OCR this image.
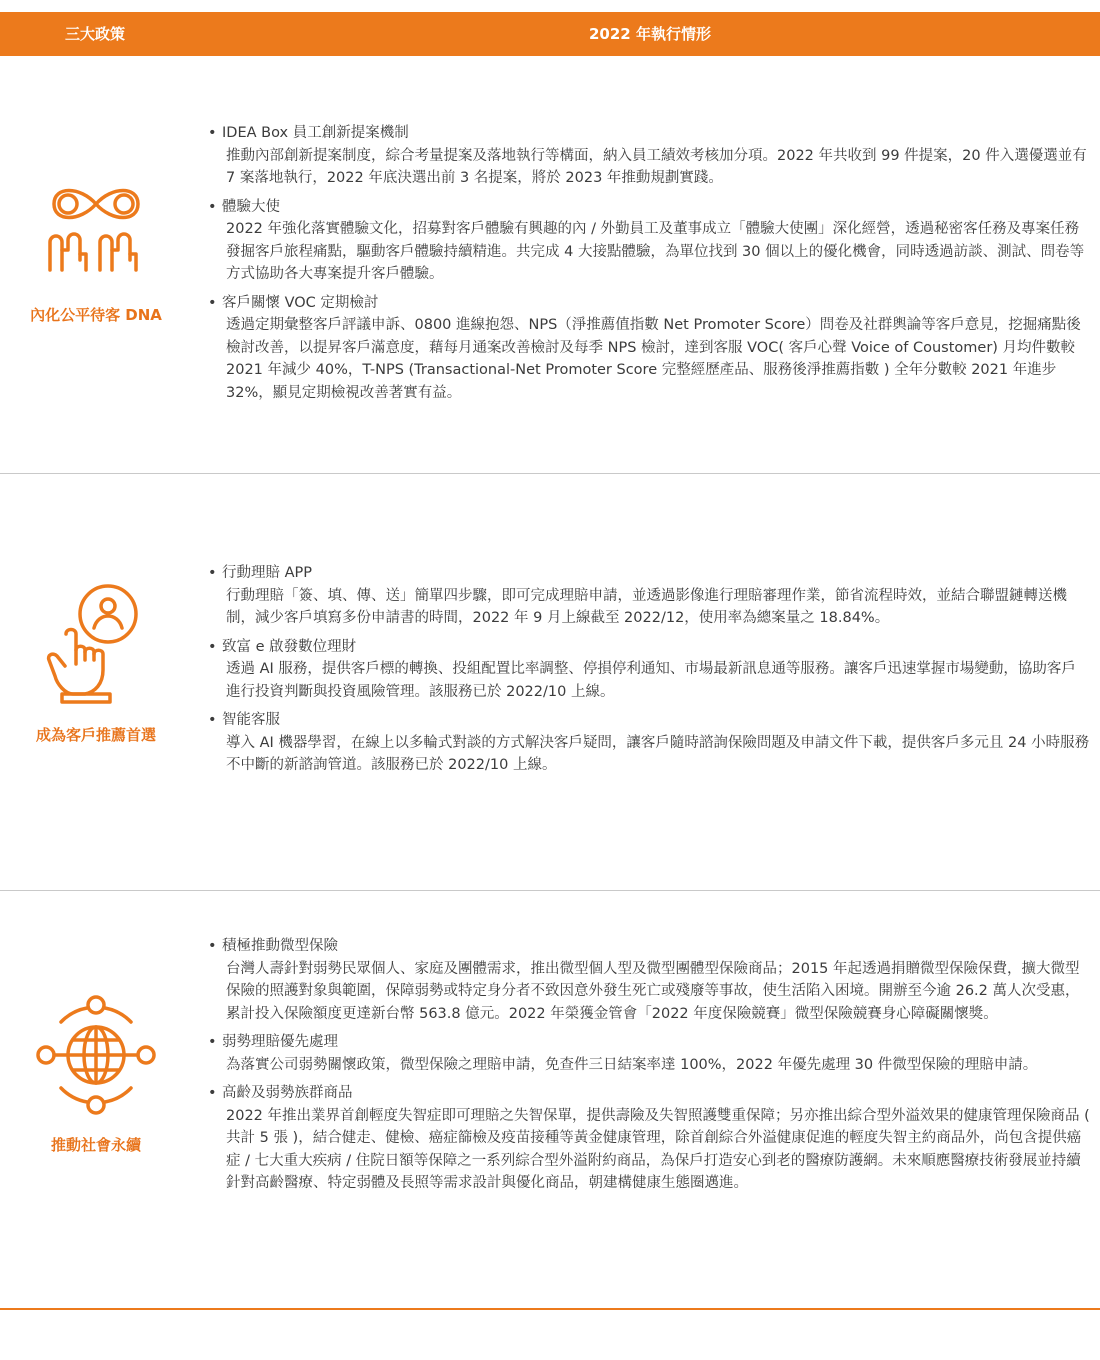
三大政策	2022 年執行情形
內化公平待客 DNA
• IDEA Box 員工創新提案機制
推動內部創新提案制度，綜合考量提案及落地執行等構面，納入員工績效考核加分項。2022 年共收到 99 件提案，20 件入選優選並有 7 案落地執行，2022 年底決選出前 3 名提案，將於 2023 年推動規劃實踐。
• 體驗大使
2022 年強化落實體驗文化，招募對客戶體驗有興趣的內 / 外勤員工及董事成立「體驗大使團」深化經營，透過秘密客任務及專案任務發掘客戶旅程痛點，驅動客戶體驗持續精進。共完成 4 大接點體驗，為單位找到 30 個以上的優化機會，同時透過訪談、測試、問卷等方式協助各大專案提升客戶體驗。
• 客戶關懷 VOC 定期檢討
透過定期彙整客戶評議申訴、0800 進線抱怨、NPS（淨推薦值指數 Net Promoter Score）問卷及社群輿論等客戶意見，挖掘痛點後檢討改善，以提昇客戶滿意度，藉每月通案改善檢討及每季 NPS 檢討，達到客服 VOC( 客戶心聲 Voice of Coustomer) 月均件數較 2021 年減少 40%，T-NPS (Transactional-Net Promoter Score 完整經歷產品、服務後淨推薦指數 ) 全年分數較 2021 年進步 32%，顯見定期檢視改善著實有益。
成為客戶推薦首選
• 行動理賠 APP
行動理賠「簽、填、傳、送」簡單四步驟，即可完成理賠申請，並透過影像進行理賠審理作業，節省流程時效，並結合聯盟鏈轉送機制，減少客戶填寫多份申請書的時間，2022 年 9 月上線截至 2022/12，使用率為總案量之 18.84%。
• 致富 e 啟發數位理財
透過 AI 服務，提供客戶標的轉換、投組配置比率調整、停損停利通知、市場最新訊息通等服務。讓客戶迅速掌握市場變動，協助客戶進行投資判斷與投資風險管理。該服務已於 2022/10 上線。
• 智能客服
導入 AI 機器學習，在線上以多輪式對談的方式解決客戶疑問，讓客戶隨時諮詢保險問題及申請文件下載，提供客戶多元且 24 小時服務不中斷的新諮詢管道。該服務已於 2022/10 上線。
推動社會永續
• 積極推動微型保險
台灣人壽針對弱勢民眾個人、家庭及團體需求，推出微型個人型及微型團體型保險商品；2015 年起透過捐贈微型保險保費，擴大微型保險的照護對象與範圍，保障弱勢或特定身分者不致因意外發生死亡或殘廢等事故，使生活陷入困境。開辦至今逾 26.2 萬人次受惠，累計投入保險額度更達新台幣 563.8 億元。2022 年榮獲金管會「2022 年度保險競賽」微型保險競賽身心障礙關懷獎。
• 弱勢理賠優先處理
為落實公司弱勢關懷政策，微型保險之理賠申請，免查件三日結案率達 100%，2022 年優先處理 30 件微型保險的理賠申請。
• 高齡及弱勢族群商品
2022 年推出業界首創輕度失智症即可理賠之失智保單，提供壽險及失智照護雙重保障；另亦推出綜合型外溢效果的健康管理保險商品 ( 共計 5 張 )，結合健走、健檢、癌症篩檢及疫苗接種等黃金健康管理，除首創綜合外溢健康促進的輕度失智主約商品外，尚包含提供癌症 / 七大重大疾病 / 住院日額等保障之一系列綜合型外溢附約商品，為保戶打造安心到老的醫療防護網。未來順應醫療技術發展並持續針對高齡醫療、特定弱體及長照等需求設計與優化商品，朝建構健康生態圈邁進。
